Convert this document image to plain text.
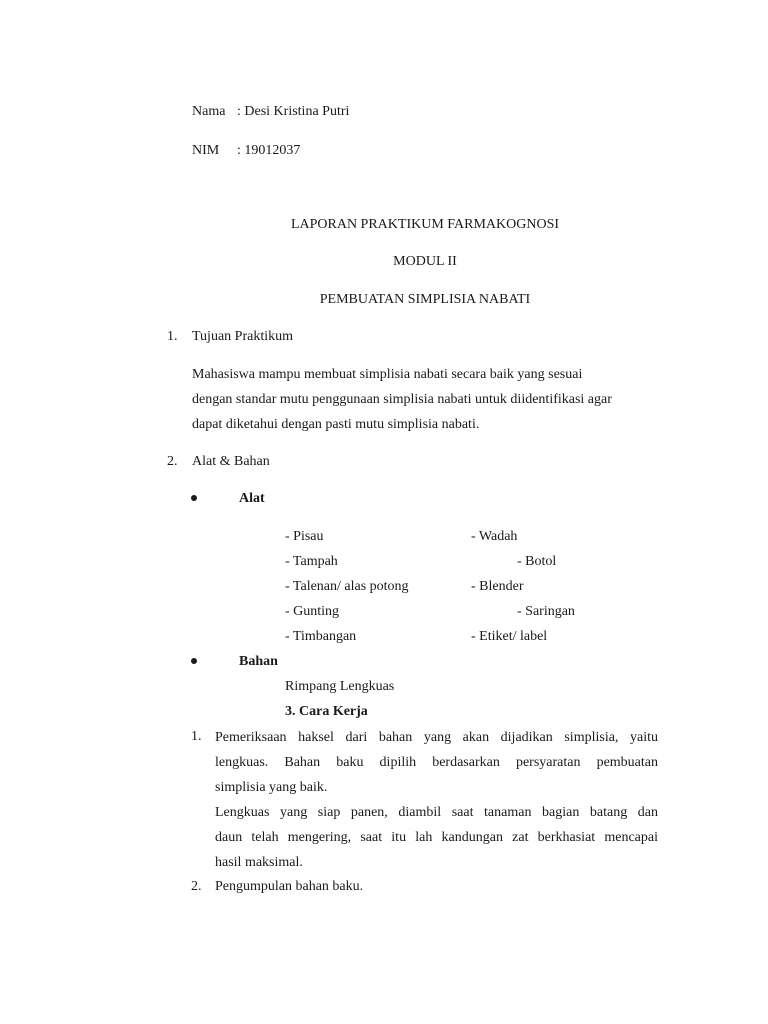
Nama : Desi Kristina Putri
NIM : 19012037
LAPORAN PRAKTIKUM FARMAKOGNOSI
MODUL II
PEMBUATAN SIMPLISIA NABATI
1. Tujuan Praktikum
Mahasiswa mampu membuat simplisia nabati secara baik yang sesuai
dengan standar mutu penggunaan simplisia nabati untuk diidentifikasi agar
dapat diketahui dengan pasti mutu simplisia nabati.
2. Alat & Bahan
Alat
- Pisau
- Tampah
- Talenan/ alas potong
- Gunting
- Timbangan
- Wadah
- Botol
- Blender
- Saringan
- Etiket/ label
Bahan
Rimpang Lengkuas
3. Cara Kerja
1. Pemeriksaan haksel dari bahan yang akan dijadikan simplisia, yaitu
lengkuas. Bahan baku dipilih berdasarkan persyaratan pembuatan
simplisia yang baik.
Lengkuas yang siap panen, diambil saat tanaman bagian batang dan
daun telah mengering, saat itu lah kandungan zat berkhasiat mencapai
hasil maksimal.
2. Pengumpulan bahan baku.
